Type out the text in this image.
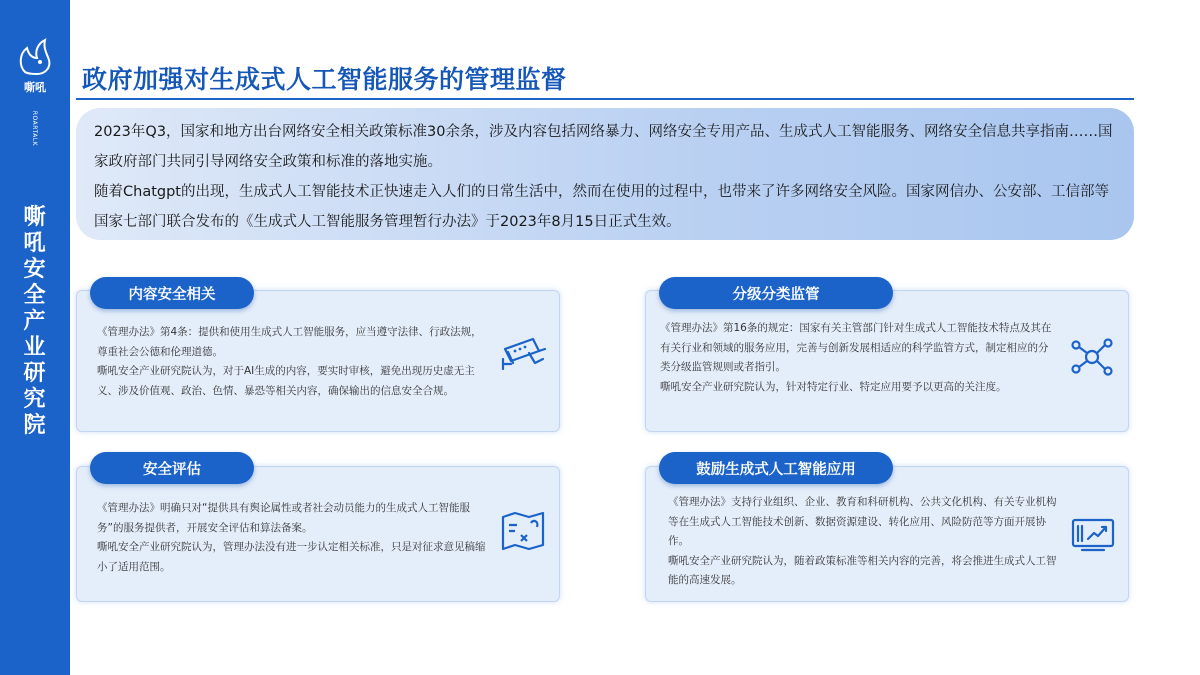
嘶吼
ROARTALK
嘶
吼
安
全
产
业
研
究
院
政府加强对生成式人工智能服务的管理监督

2023年Q3，国家和地方出台网络安全相关政策标准30余条，涉及内容包括网络暴力、网络安全专用产品、生成式人工智能服务、网络安全信息共享指南……国家政府部门共同引导网络安全政策和标准的落地实施。

随着Chatgpt的出现，生成式人工智能技术正快速走入人们的日常生活中，然而在使用的过程中，也带来了许多网络安全风险。国家网信办、公安部、工信部等国家七部门联合发布的《生成式人工智能服务管理暂行办法》于2023年8月15日正式生效。

《管理办法》第4条：提供和使用生成式人工智能服务，应当遵守法律、行政法规，尊重社会公德和伦理道德。

嘶吼安全产业研究院认为，对于AI生成的内容，要实时审核，避免出现历史虚无主义、涉及价值观、政治、色情、暴恐等相关内容，确保输出的信息安全合规。

内容安全相关

《管理办法》第16条的规定：国家有关主管部门针对生成式人工智能技术特点及其在有关行业和领域的服务应用，完善与创新发展相适应的科学监管方式，制定相应的分类分级监管规则或者指引。

嘶吼安全产业研究院认为，针对特定行业、特定应用要予以更高的关注度。

分级分类监管

《管理办法》明确只对“提供具有舆论属性或者社会动员能力的生成式人工智能服务”的服务提供者，开展安全评估和算法备案。

嘶吼安全产业研究院认为，管理办法没有进一步认定相关标准，只是对征求意见稿缩小了适用范围。

安全评估

《管理办法》支持行业组织、企业、教育和科研机构、公共文化机构、有关专业机构等在生成式人工智能技术创新、数据资源建设、转化应用、风险防范等方面开展协作。

嘶吼安全产业研究院认为，随着政策标准等相关内容的完善，将会推进生成式人工智能的高速发展。

鼓励生成式人工智能应用
